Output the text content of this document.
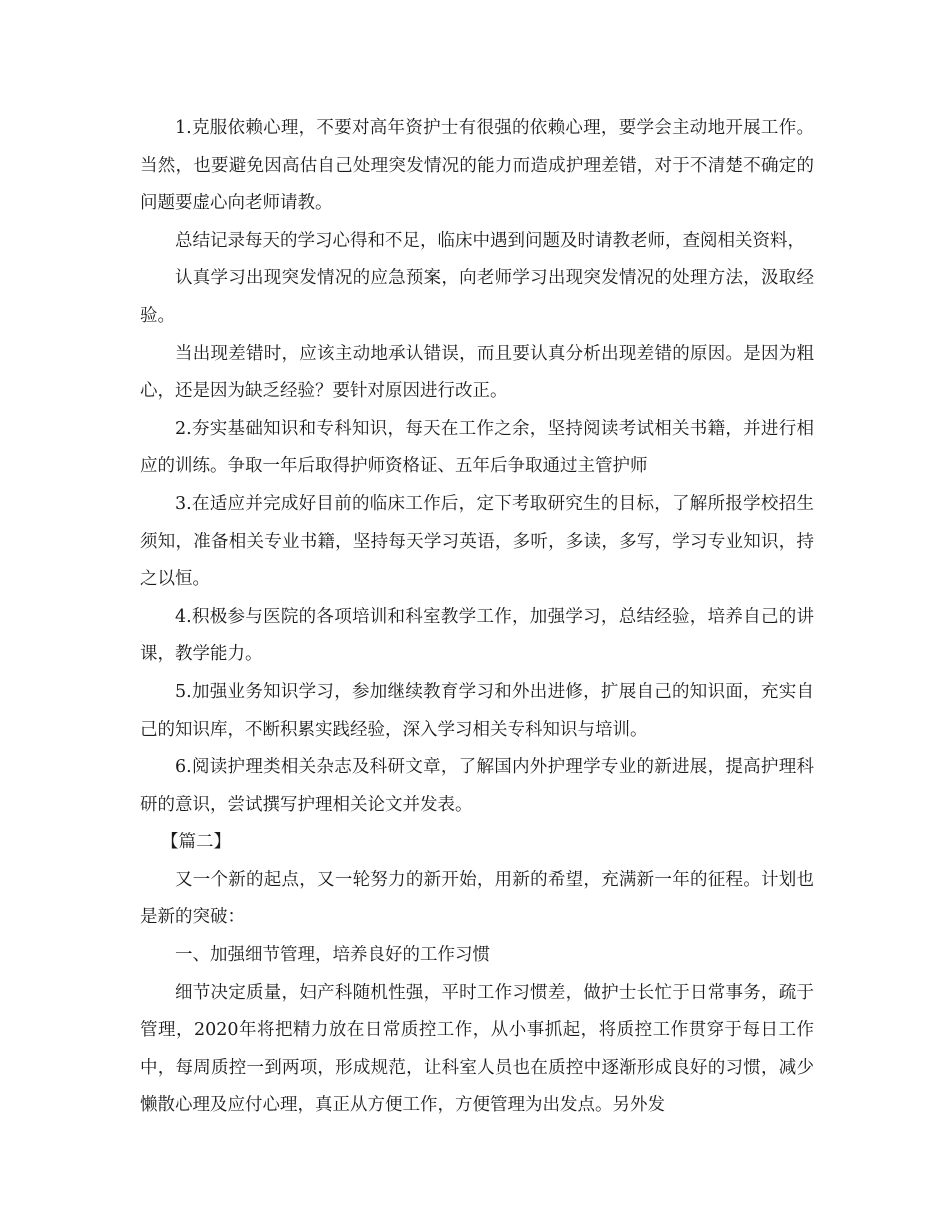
1.克服依赖心理，不要对高年资护士有很强的依赖心理，要学会主动地开展工作。当然，也要避免因高估自己处理突发情况的能力而造成护理差错，对于不清楚不确定的问题要虚心向老师请教。

总结记录每天的学习心得和不足，临床中遇到问题及时请教老师，查阅相关资料，

认真学习出现突发情况的应急预案，向老师学习出现突发情况的处理方法，汲取经验。

当出现差错时，应该主动地承认错误，而且要认真分析出现差错的原因。是因为粗心，还是因为缺乏经验？要针对原因进行改正。

2.夯实基础知识和专科知识，每天在工作之余，坚持阅读考试相关书籍，并进行相应的训练。争取一年后取得护师资格证、五年后争取通过主管护师

3.在适应并完成好目前的临床工作后，定下考取研究生的目标，了解所报学校招生须知，准备相关专业书籍，坚持每天学习英语，多听，多读，多写，学习专业知识，持之以恒。

4.积极参与医院的各项培训和科室教学工作，加强学习，总结经验，培养自己的讲课，教学能力。

5.加强业务知识学习，参加继续教育学习和外出进修，扩展自己的知识面，充实自己的知识库，不断积累实践经验，深入学习相关专科知识与培训。

6.阅读护理类相关杂志及科研文章，了解国内外护理学专业的新进展，提高护理科研的意识，尝试撰写护理相关论文并发表。

【篇二】

又一个新的起点，又一轮努力的新开始，用新的希望，充满新一年的征程。计划也是新的突破：

一、加强细节管理，培养良好的工作习惯

细节决定质量，妇产科随机性强，平时工作习惯差，做护士长忙于日常事务，疏于管理，2020年将把精力放在日常质控工作，从小事抓起，将质控工作贯穿于每日工作中，每周质控一到两项，形成规范，让科室人员也在质控中逐渐形成良好的习惯，减少懒散心理及应付心理，真正从方便工作，方便管理为出发点。另外发
